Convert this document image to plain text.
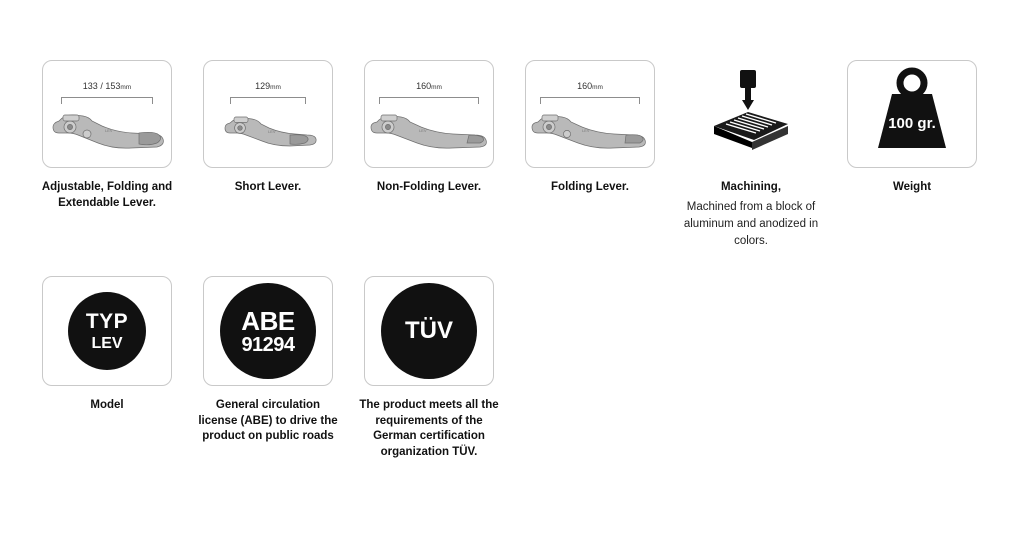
133 / 153mm
LEV
Adjustable, Folding and Extendable Lever.
129mm
LEV
Short Lever.
160mm
LEV
Non-Folding Lever.
160mm
LEV
Folding Lever.	Machining,
Machined from a block of aluminum and anodized in colors.
100 gr.
Weight
TYP
LEV
Model
ABE
91294
General circulation license (ABE) to drive the product on public roads
TÜV
The product meets all the requirements of the German certification organization TÜV.
